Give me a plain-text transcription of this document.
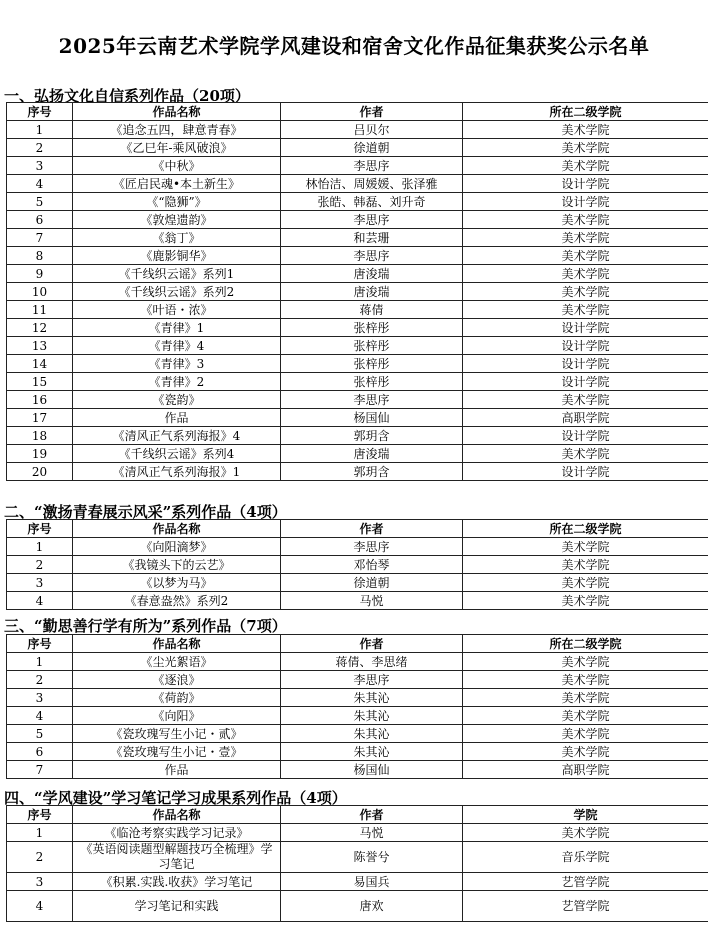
2025年云南艺术学院学风建设和宿舍文化作品征集获奖公示名单
一、弘扬文化自信系列作品（20项）
序号	作品名称	作者	所在二级学院
1	《追念五四，肆意青春》	吕贝尔	美术学院
2	《乙巳年-乘风破浪》	徐道朝	美术学院
3	《中秋》	李思序	美术学院
4	《匠启民魂•本土新生》	林怡洁、周媛媛、张泽雅	设计学院
5	《“隐狮”》	张皓、韩磊、刘升奇	设计学院
6	《敦煌遗韵》	李思序	美术学院
7	《翁丁》	和芸珊	美术学院
8	《鹿影铜华》	李思序	美术学院
9	《千线织云谣》系列1	唐浚瑞	美术学院
10	《千线织云谣》系列2	唐浚瑞	美术学院
11	《叶语・浓》	蒋倩	美术学院
12	《青律》1	张梓彤	设计学院
13	《青律》4	张梓彤	设计学院
14	《青律》3	张梓彤	设计学院
15	《青律》2	张梓彤	设计学院
16	《瓷韵》	李思序	美术学院
17	作品	杨国仙	高职学院
18	《清风正气系列海报》4	郭玥含	设计学院
19	《千线织云谣》系列4	唐浚瑞	美术学院
20	《清风正气系列海报》1	郭玥含	设计学院
二、“激扬青春展示风采”系列作品（4项）
序号	作品名称	作者	所在二级学院
1	《向阳滴梦》	李思序	美术学院
2	《我镜头下的云艺》	邓怡琴	美术学院
3	《以梦为马》	徐道朝	美术学院
4	《春意盎然》系列2	马悦	美术学院
三、“勤思善行学有所为”系列作品（7项）
序号	作品名称	作者	所在二级学院
1	《尘光絮语》	蒋倩、李思绪	美术学院
2	《逐浪》	李思序	美术学院
3	《荷韵》	朱其沁	美术学院
4	《向阳》	朱其沁	美术学院
5	《瓷玫瑰写生小记・贰》	朱其沁	美术学院
6	《瓷玫瑰写生小记・壹》	朱其沁	美术学院
7	作品	杨国仙	高职学院
四、“学风建设”学习笔记学习成果系列作品（4项）
序号	作品名称	作者	学院
1	《临沧考察实践学习记录》	马悦	美术学院
2	《英语阅读题型解题技巧全梳理》学习笔记	陈誉兮	音乐学院
3	《积累.实践.收获》学习笔记	易国兵	艺管学院
4	学习笔记和实践	唐欢	艺管学院
